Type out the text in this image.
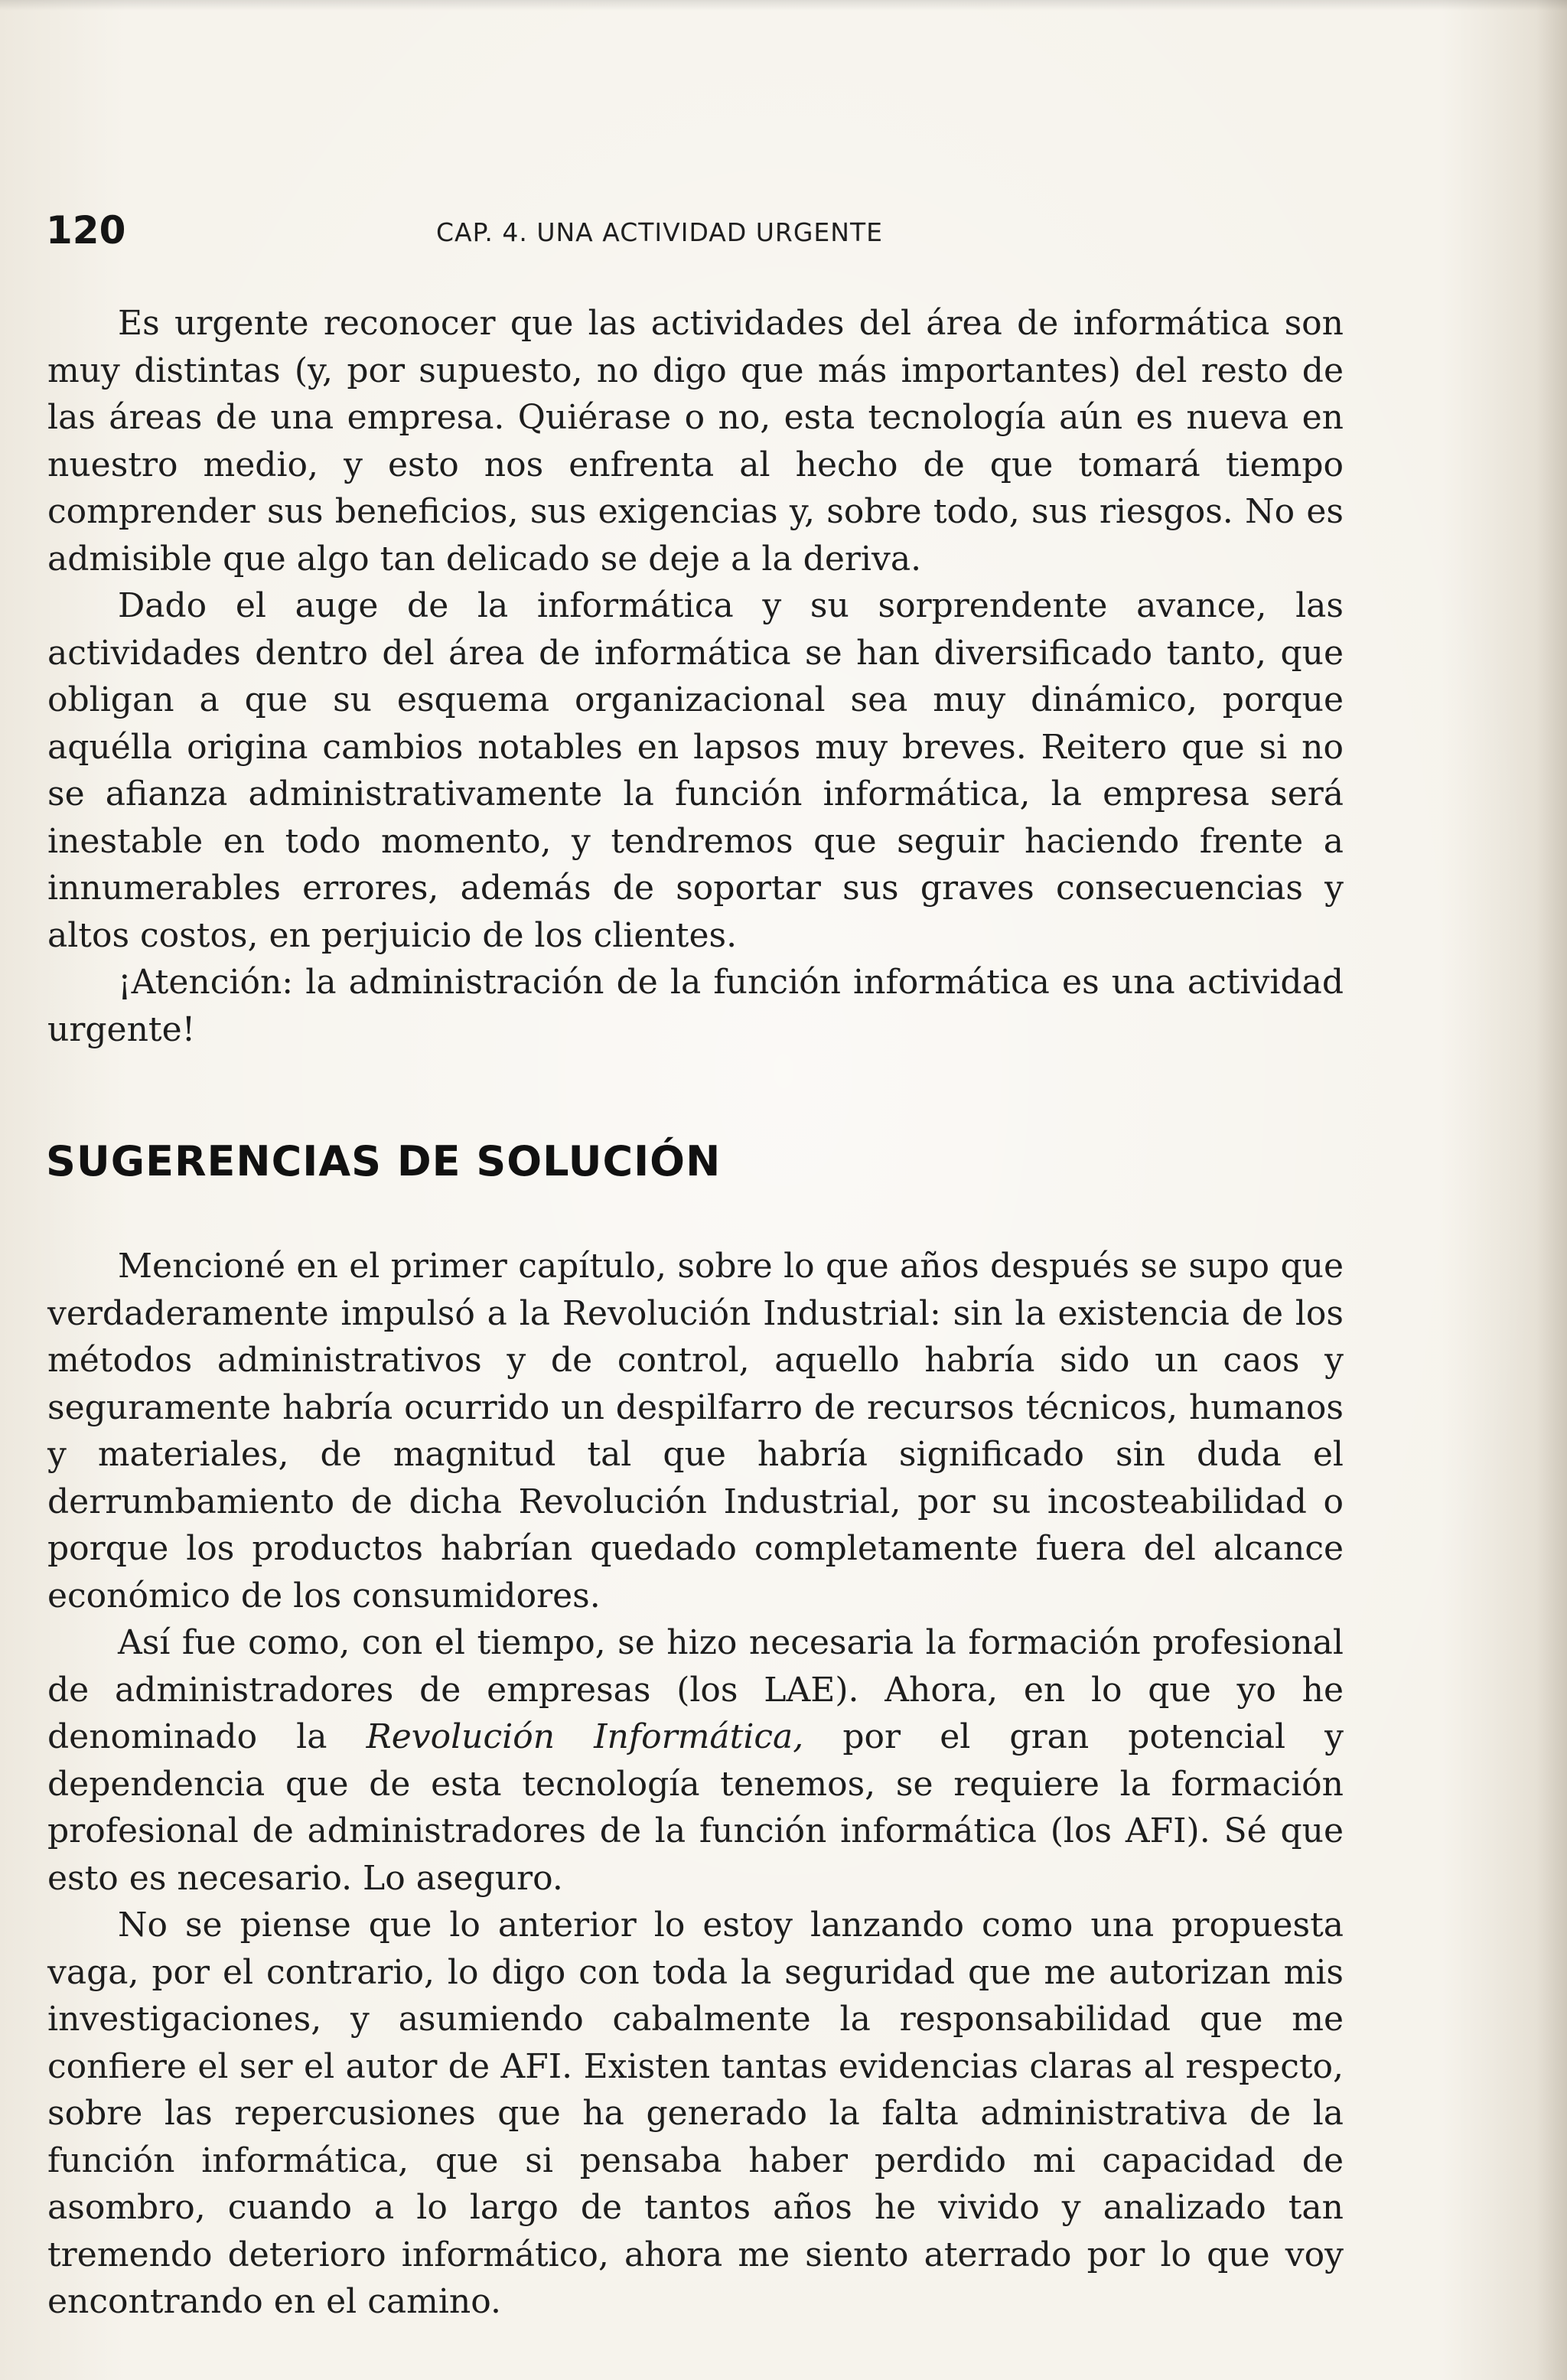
120	CAP. 4. UNA ACTIVIDAD URGENTE

Es urgente reconocer que las actividades del área de informática son muy distintas (y, por supuesto, no digo que más importantes) del resto de las áreas de una empresa. Quiérase o no, esta tecnología aún es nueva en nuestro medio, y esto nos enfrenta al hecho de que tomará tiempo comprender sus beneficios, sus exigencias y, sobre todo, sus riesgos. No es admisible que algo tan delicado se deje a la deriva.

Dado el auge de la informática y su sorprendente avance, las actividades dentro del área de informática se han diversificado tanto, que obligan a que su esquema organizacional sea muy dinámico, porque aquélla origina cambios notables en lapsos muy breves. Reitero que si no se afianza administrativamente la función informática, la empresa será inestable en todo momento, y tendremos que seguir haciendo frente a innumerables errores, además de soportar sus graves consecuencias y altos costos, en perjuicio de los clientes.

¡Atención: la administración de la función informática es una actividad urgente!

SUGERENCIAS DE SOLUCIÓN

Mencioné en el primer capítulo, sobre lo que años después se supo que verdaderamente impulsó a la Revolución Industrial: sin la existencia de los métodos administrativos y de control, aquello habría sido un caos y seguramente habría ocurrido un despilfarro de recursos técnicos, humanos y materiales, de magnitud tal que habría significado sin duda el derrumbamiento de dicha Revolución Industrial, por su incosteabilidad o porque los productos habrían quedado completamente fuera del alcance económico de los consumidores.

Así fue como, con el tiempo, se hizo necesaria la formación profesional de administradores de empresas (los LAE). Ahora, en lo que yo he denominado la Revolución Informática, por el gran potencial y dependencia que de esta tecnología tenemos, se requiere la formación profesional de administradores de la función informática (los AFI). Sé que esto es necesario. Lo aseguro.

No se piense que lo anterior lo estoy lanzando como una propuesta vaga, por el contrario, lo digo con toda la seguridad que me autorizan mis investigaciones, y asumiendo cabalmente la responsabilidad que me confiere el ser el autor de AFI. Existen tantas evidencias claras al respecto, sobre las repercusiones que ha generado la falta administrativa de la función informática, que si pensaba haber perdido mi capacidad de asombro, cuando a lo largo de tantos años he vivido y analizado tan tremendo deterioro informático, ahora me siento aterrado por lo que voy encontrando en el camino.
